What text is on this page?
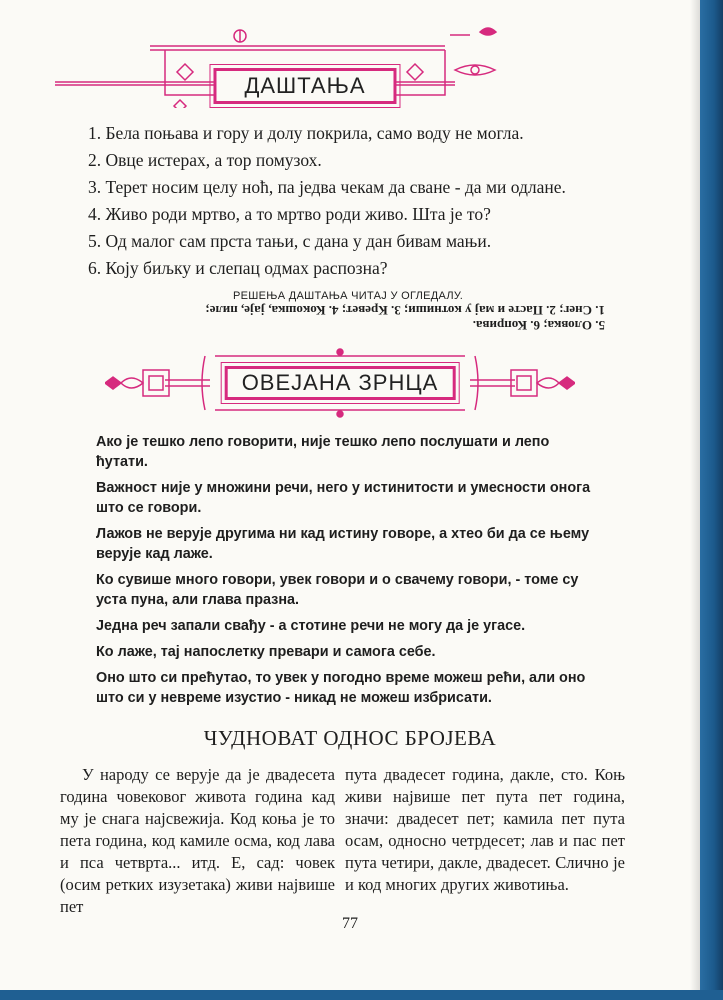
ДАШТАЊА
1. Бела поњава и гору и долу покрила, само воду не могла.
2. Овце истерах, а тор помузох.
3. Терет носим целу ноћ, па једва чекам да сване - да ми одлане.
4. Живо роди мртво, а то мртво роди живо. Шта је то?
5. Од малог сам прста тањи, с дана у дан бивам мањи.
6. Коју биљку и слепац одмах распозна?
РЕШЕЊА ДАШТАЊА ЧИТАЈ У ОГЛЕДАЛУ.
5. Оловка; 6. Коприва.
1. Снег; 2. Пасте и мај у котниши; 3. Кревет; 4. Кокошка, јаје, пиле;
ОВЕЈАНА ЗРНЦА
Ако је тешко лепо говорити, није тешко лепо послушати и лепо ћутати.
Важност није у множини речи, него у истинитости и умесности онога што се говори.
Лажов не верује другима ни кад истину говоре, а хтео би да се њему верује кад лаже.
Ко сувише много говори, увек говори и о свачему говори, - томе су уста пуна, али глава празна.
Једна реч запали свађу - а стотине речи не могу да је угасе.
Ко лаже, тај напослетку превари и самога себе.
Оно што си прећутао, то увек у погодно време можеш рећи, али оно што си у невреме изустио - никад не можеш избрисати.
ЧУДНОВАТ ОДНОС БРОЈЕВА
У народу се верује да је двадесета година човековог живота година кад му је снага најсвежија. Код коња је то пета година, код камиле осма, код лава и пса четврта... итд. Е, сад: човек (осим ретких изузетака) живи највише пет
пута двадесет година, дакле, сто. Коњ живи највише пет пута пет година, значи: двадесет пет; камила пет пута осам, односно четрдесет; лав и пас пет пута четири, дакле, двадесет. Слично је и код многих других животиња.
77
